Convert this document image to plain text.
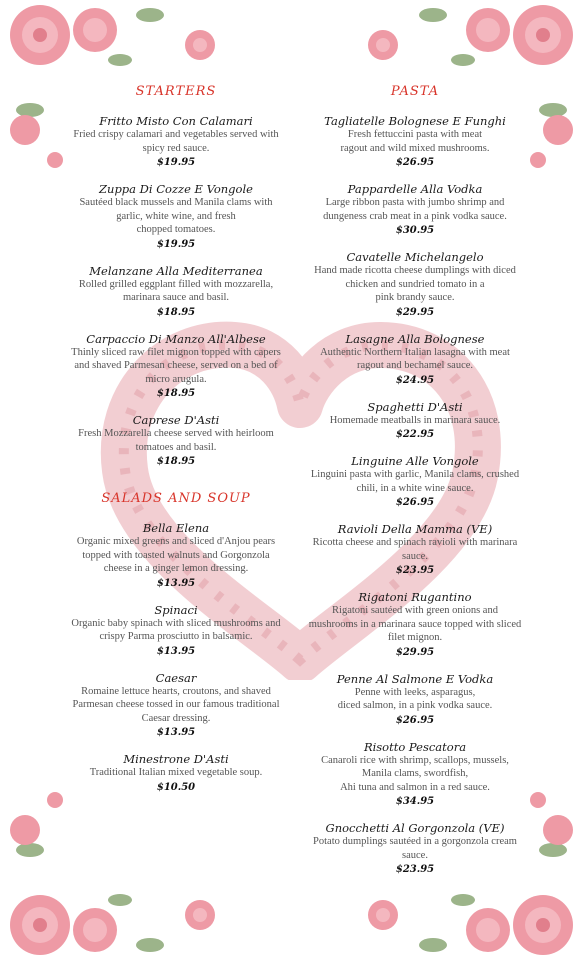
STARTERS
Fritto Misto Con Calamari
Fried crispy calamari and vegetables served with
spicy red sauce.
$19.95
Zuppa Di Cozze E Vongole
Sautéed black mussels and Manila clams with
garlic, white wine, and fresh
chopped tomatoes.
$19.95
Melanzane Alla Mediterranea
Rolled grilled eggplant filled with mozzarella,
marinara sauce and basil.
$18.95
Carpaccio Di Manzo All'Albese
Thinly sliced raw filet mignon topped with capers
and shaved Parmesan cheese, served on a bed of
micro arugula.
$18.95
Caprese D'Asti
Fresh Mozzarella cheese served with heirloom
tomatoes and basil.
$18.95
SALADS AND SOUP
Bella Elena
Organic mixed greens and sliced d'Anjou pears
topped with toasted walnuts and Gorgonzola
cheese in a ginger lemon dressing.
$13.95
Spinaci
Organic baby spinach with sliced mushrooms and
crispy Parma prosciutto in balsamic.
$13.95
Caesar
Romaine lettuce hearts, croutons, and shaved
Parmesan cheese tossed in our famous traditional
Caesar dressing.
$13.95
Minestrone D'Asti
Traditional Italian mixed vegetable soup.
$10.50
PASTA
Tagliatelle Bolognese E Funghi
Fresh fettuccini pasta with meat
ragout and wild mixed mushrooms.
$26.95
Pappardelle Alla Vodka
Large ribbon pasta with jumbo shrimp and
dungeness crab meat in a pink vodka sauce.
$30.95
Cavatelle Michelangelo
Hand made ricotta cheese dumplings with diced
chicken and sundried tomato in a
pink brandy sauce.
$29.95
Lasagne Alla Bolognese
Authentic Northern Italian lasagna with meat
ragout and bechamel sauce.
$24.95
Spaghetti D'Asti
Homemade meatballs in marinara sauce.
$22.95
Linguine Alle Vongole
Linguini pasta with garlic, Manila clams, crushed
chili, in a white wine sauce.
$26.95
Ravioli Della Mamma (VE)
Ricotta cheese and spinach ravioli with marinara
sauce.
$23.95
Rigatoni Rugantino
Rigatoni sautéed with green onions and
mushrooms in a marinara sauce topped with sliced
filet mignon.
$29.95
Penne Al Salmone E Vodka
Penne with leeks, asparagus,
diced salmon, in a pink vodka sauce.
$26.95
Risotto Pescatora
Canaroli rice with shrimp, scallops, mussels,
Manila clams, swordfish,
Ahi tuna and salmon in a red sauce.
$34.95
Gnocchetti Al Gorgonzola (VE)
Potato dumplings sautéed in a gorgonzola cream
sauce.
$23.95
